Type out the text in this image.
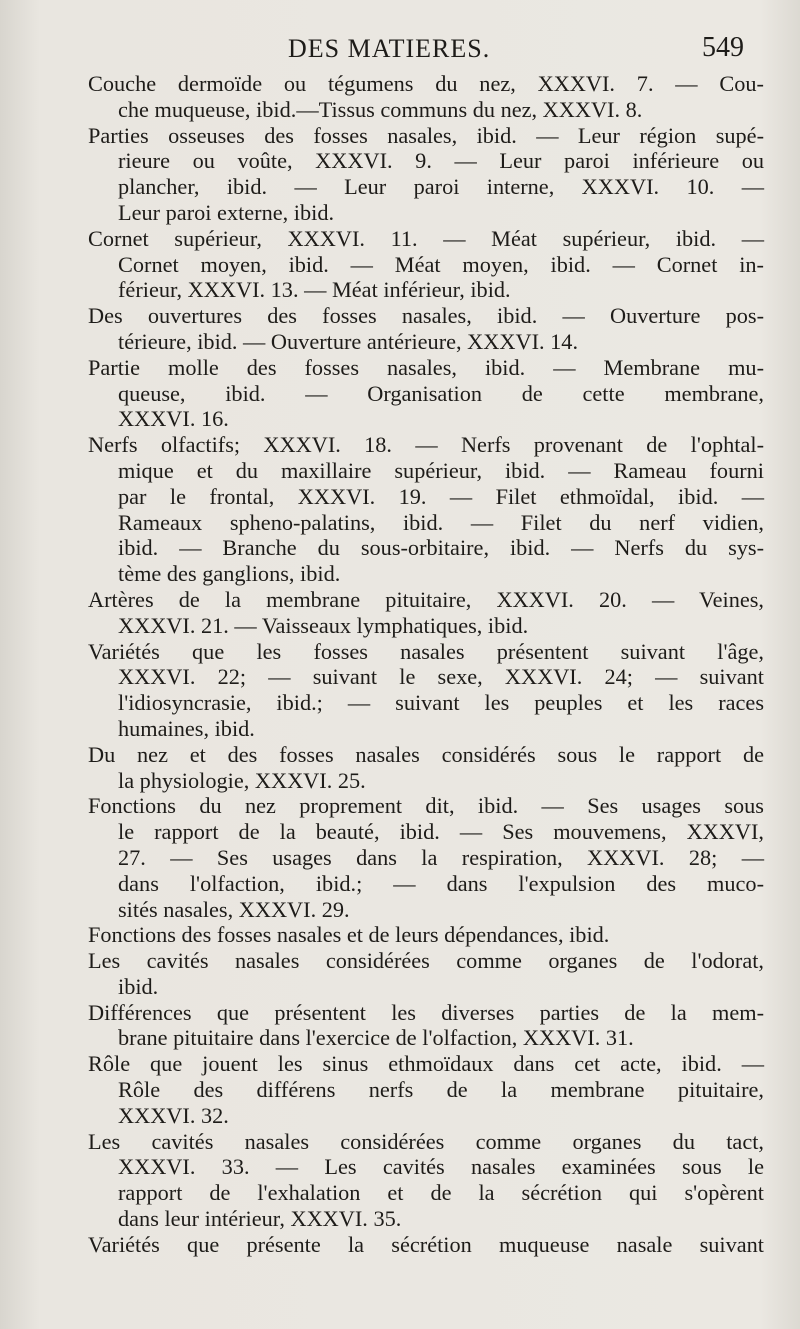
DES MATIERES.	549
Couche dermoïde ou tégumens du nez, XXXVI. 7. — Cou-
che muqueuse, ibid.—Tissus communs du nez, XXXVI. 8.
Parties osseuses des fosses nasales, ibid. — Leur région supé-
rieure ou voûte, XXXVI. 9. — Leur paroi inférieure ou
plancher, ibid. — Leur paroi interne, XXXVI. 10. —
Leur paroi externe, ibid.
Cornet supérieur, XXXVI. 11. — Méat supérieur, ibid. —
Cornet moyen, ibid. — Méat moyen, ibid. — Cornet in-
férieur, XXXVI. 13. — Méat inférieur, ibid.
Des ouvertures des fosses nasales, ibid. — Ouverture pos-
térieure, ibid. — Ouverture antérieure, XXXVI. 14.
Partie molle des fosses nasales, ibid. — Membrane mu-
queuse, ibid. — Organisation de cette membrane,
XXXVI. 16.
Nerfs olfactifs; XXXVI. 18. — Nerfs provenant de l'ophtal-
mique et du maxillaire supérieur, ibid. — Rameau fourni
par le frontal, XXXVI. 19. — Filet ethmoïdal, ibid. —
Rameaux spheno-palatins, ibid. — Filet du nerf vidien,
ibid. — Branche du sous-orbitaire, ibid. — Nerfs du sys-
tème des ganglions, ibid.
Artères de la membrane pituitaire, XXXVI. 20. — Veines,
XXXVI. 21. — Vaisseaux lymphatiques, ibid.
Variétés que les fosses nasales présentent suivant l'âge,
XXXVI. 22; — suivant le sexe, XXXVI. 24; — suivant
l'idiosyncrasie, ibid.; — suivant les peuples et les races
humaines, ibid.
Du nez et des fosses nasales considérés sous le rapport de
la physiologie, XXXVI. 25.
Fonctions du nez proprement dit, ibid. — Ses usages sous
le rapport de la beauté, ibid. — Ses mouvemens, XXXVI,
27. — Ses usages dans la respiration, XXXVI. 28; —
dans l'olfaction, ibid.; — dans l'expulsion des muco-
sités nasales, XXXVI. 29.
Fonctions des fosses nasales et de leurs dépendances, ibid.
Les cavités nasales considérées comme organes de l'odorat,
ibid.
Différences que présentent les diverses parties de la mem-
brane pituitaire dans l'exercice de l'olfaction, XXXVI. 31.
Rôle que jouent les sinus ethmoïdaux dans cet acte, ibid. —
Rôle des différens nerfs de la membrane pituitaire,
XXXVI. 32.
Les cavités nasales considérées comme organes du tact,
XXXVI. 33. — Les cavités nasales examinées sous le
rapport de l'exhalation et de la sécrétion qui s'opèrent
dans leur intérieur, XXXVI. 35.
Variétés que présente la sécrétion muqueuse nasale suivant
